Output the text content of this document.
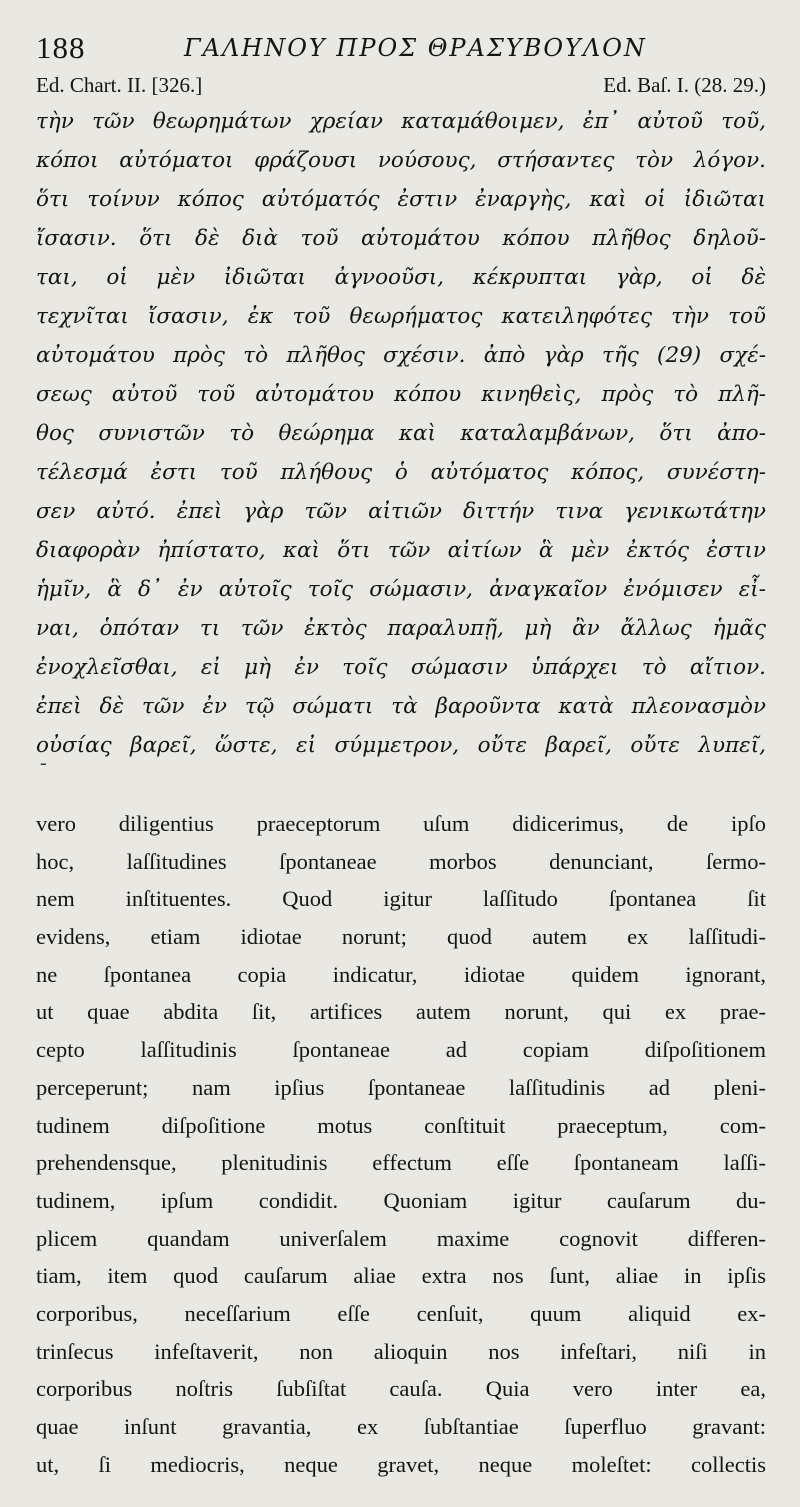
188	ΓΑΛΗΝΟΥ ΠΡΟΣ ΘΡΑΣΥΒΟΥΛΟΝ
Ed. Chart. II. [326.]	Ed. Baſ. I. (28. 29.)
τὴν τῶν θεωρημάτων χρείαν καταμάθοιμεν, ἐπ᾽ αὐτοῦ τοῦ,
κόποι αὐτόματοι φράζουσι νούσους, στήσαντες τὸν λόγον.
ὅτι τοίνυν κόπος αὐτόματός ἐστιν ἐναργὴς, καὶ οἱ ἰδιῶται
ἴσασιν. ὅτι δὲ διὰ τοῦ αὐτομάτου κόπου πλῆθος δηλοῦ-
ται, οἱ μὲν ἰδιῶται ἀγνοοῦσι, κέκρυπται γὰρ, οἱ δὲ
τεχνῖται ἴσασιν, ἐκ τοῦ θεωρήματος κατειληφότες τὴν τοῦ
αὐτομάτου πρὸς τὸ πλῆθος σχέσιν. ἀπὸ γὰρ τῆς (29) σχέ-
σεως αὐτοῦ τοῦ αὐτομάτου κόπου κινηθεὶς, πρὸς τὸ πλῆ-
θος συνιστῶν τὸ θεώρημα καὶ καταλαμβάνων, ὅτι ἀπο-
τέλεσμά ἐστι τοῦ πλήθους ὁ αὐτόματος κόπος, συνέστη-
σεν αὐτό. ἐπεὶ γὰρ τῶν αἰτιῶν διττήν τινα γενικωτάτην
διαφορὰν ἠπίστατο, καὶ ὅτι τῶν αἰτίων ἃ μὲν ἐκτός ἐστιν
ἡμῖν, ἃ δ᾽ ἐν αὐτοῖς τοῖς σώμασιν, ἀναγκαῖον ἐνόμισεν εἶ-
ναι, ὁπόταν τι τῶν ἐκτὸς παραλυπῇ, μὴ ἂν ἄλλως ἡμᾶς
ἐνοχλεῖσθαι, εἰ μὴ ἐν τοῖς σώμασιν ὑπάρχει τὸ αἴτιον.
ἐπεὶ δὲ τῶν ἐν τῷ σώματι τὰ βαροῦντα κατὰ πλεονασμὸν
οὐσίας βαρεῖ, ὥστε, εἰ σύμμετρον, οὔτε βαρεῖ, οὔτε λυπεῖ,
-
vero diligentius praeceptorum uſum didicerimus, de ipſo
hoc, laſſitudines ſpontaneae morbos denunciant, ſermo-
nem inſtituentes. Quod igitur laſſitudo ſpontanea ſit
evidens, etiam idiotae norunt; quod autem ex laſſitudi-
ne ſpontanea copia indicatur, idiotae quidem ignorant,
ut quae abdita ſit, artifices autem norunt, qui ex prae-
cepto laſſitudinis ſpontaneae ad copiam diſpoſitionem
perceperunt; nam ipſius ſpontaneae laſſitudinis ad pleni-
tudinem diſpoſitione motus conſtituit praeceptum, com-
prehendensque, plenitudinis effectum eſſe ſpontaneam laſſi-
tudinem, ipſum condidit. Quoniam igitur cauſarum du-
plicem quandam univerſalem maxime cognovit differen-
tiam, item quod cauſarum aliae extra nos ſunt, aliae in ipſis
corporibus, neceſſarium eſſe cenſuit, quum aliquid ex-
trinſecus infeſtaverit, non alioquin nos infeſtari, niſi in
corporibus noſtris ſubſiſtat cauſa. Quia vero inter ea,
quae inſunt gravantia, ex ſubſtantiae ſuperfluo gravant:
ut, ſi mediocris, neque gravet, neque moleſtet: collectis
